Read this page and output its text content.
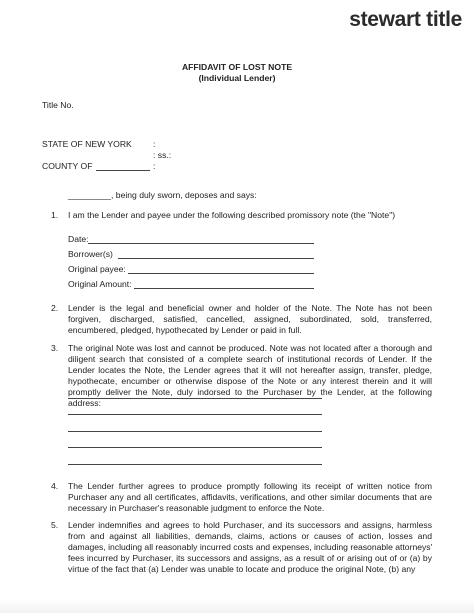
stewart title
AFFIDAVIT OF LOST NOTE
(Individual Lender)
Title No.
STATE OF NEW YORK :
: ss.:
COUNTY OF	:
_________, being duly sworn, deposes and says:
1. I am the Lender and payee under the following described promissory note (the "Note")
Date:
Borrower(s)
Original payee:
Original Amount:
2. Lender is the legal and beneficial owner and holder of the Note. The Note has not been
forgiven, discharged, satisfied, cancelled, assigned, subordinated, sold, transferred,
encumbered, pledged, hypothecated by Lender or paid in full.
3. The original Note was lost and cannot be produced. Note was not located after a thorough and
diligent search that consisted of a complete search of institutional records of Lender. If the
Lender locates the Note, the Lender agrees that it will not hereafter assign, transfer, pledge,
hypothecate, encumber or otherwise dispose of the Note or any interest therein and it will
promptly deliver the Note, duly indorsed to the Purchaser by the Lender, at the following
address:
4. The Lender further agrees to produce promptly following its receipt of written notice from
Purchaser any and all certificates, affidavits, verifications, and other similar documents that are
necessary in Purchaser's reasonable judgment to enforce the Note.
5. Lender indemnifies and agrees to hold Purchaser, and its successors and assigns, harmless
from and against all liabilities, demands, claims, actions or causes of action, losses and
damages, including all reasonably incurred costs and expenses, including reasonable attorneys'
fees incurred by Purchaser, its successors and assigns, as a result of or arising out of or (a) by
virtue of the fact that (a) Lender was unable to locate and produce the original Note, (b) any
